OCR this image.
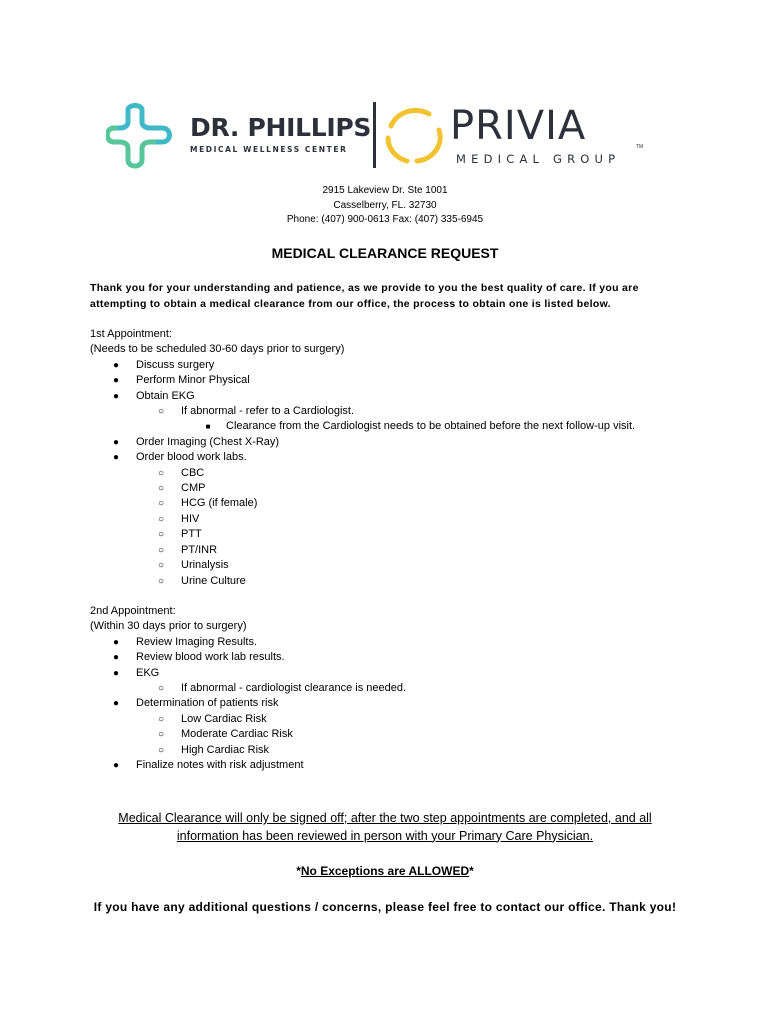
DR. PHILLIPS
MEDICAL WELLNESS CENTER
PRIVIA	TM
MEDICAL GROUP
2915 Lakeview Dr. Ste 1001
Casselberry, FL. 32730
Phone: (407) 900-0613 Fax: (407) 335-6945
MEDICAL CLEARANCE REQUEST
Thank you for your understanding and patience, as we provide to you the best quality of care. If you are attempting to obtain a medical clearance from our office, the process to obtain one is listed below.
1st Appointment:
(Needs to be scheduled 30-60 days prior to surgery)
● Discuss surgery
● Perform Minor Physical
● Obtain EKG
○ If abnormal - refer to a Cardiologist.
■	Clearance from the Cardiologist needs to be obtained before the next follow-up visit.
● Order Imaging (Chest X-Ray)
● Order blood work labs.
○ CBC
○ CMP
○ HCG (if female)
○ HIV
○ PTT
○ PT/INR
○ Urinalysis
○ Urine Culture
2nd Appointment:
(Within 30 days prior to surgery)
● Review Imaging Results.
● Review blood work lab results.
● EKG
○ If abnormal - cardiologist clearance is needed.
● Determination of patients risk
○ Low Cardiac Risk
○ Moderate Cardiac Risk
○ High Cardiac Risk
● Finalize notes with risk adjustment
Medical Clearance will only be signed off; after the two step appointments are completed, and all
information has been reviewed in person with your Primary Care Physician.
*No Exceptions are ALLOWED*
If you have any additional questions / concerns, please feel free to contact our office. Thank you!
